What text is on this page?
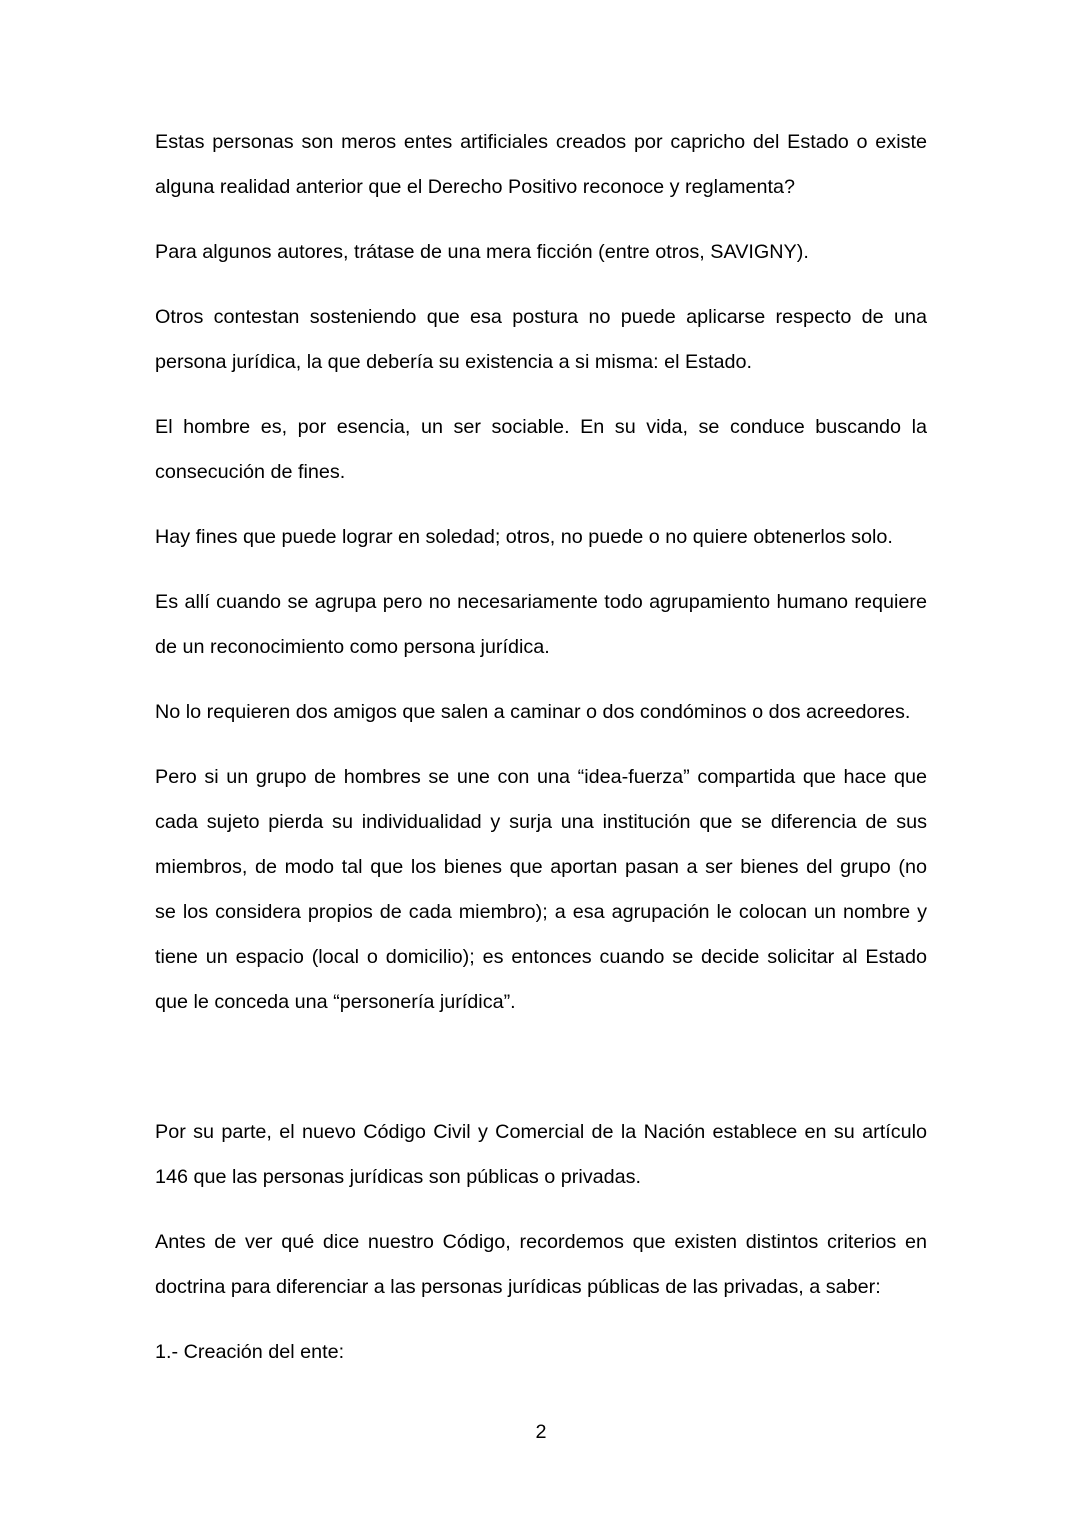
Estas personas son meros entes artificiales creados por capricho del Estado o existe
alguna realidad anterior que el Derecho Positivo reconoce y reglamenta?
Para algunos autores, trátase de una mera ficción (entre otros, SAVIGNY).
Otros contestan sosteniendo que esa postura no puede aplicarse respecto de una
persona jurídica, la que debería su existencia a si misma: el Estado.
El hombre es, por esencia, un ser sociable. En su vida, se conduce buscando la
consecución de fines.
Hay fines que puede lograr en soledad; otros, no puede o no quiere obtenerlos solo.
Es allí cuando se agrupa pero no necesariamente todo agrupamiento humano requiere
de un reconocimiento como persona jurídica.
No lo requieren dos amigos que salen a caminar o dos condóminos o dos acreedores.
Pero si un grupo de hombres se une con una “idea-fuerza” compartida que hace que
cada sujeto pierda su individualidad y surja una institución que se diferencia de sus
miembros, de modo tal que los bienes que aportan pasan a ser bienes del grupo (no
se los considera propios de cada miembro); a esa agrupación le colocan un nombre y
tiene un espacio (local o domicilio); es entonces cuando se decide solicitar al Estado
que le conceda una “personería jurídica”.
Por su parte, el nuevo Código Civil y Comercial de la Nación establece en su artículo
146 que las personas jurídicas son públicas o privadas.
Antes de ver qué dice nuestro Código, recordemos que existen distintos criterios en
doctrina para diferenciar a las personas jurídicas públicas de las privadas, a saber:
1.- Creación del ente:
2
